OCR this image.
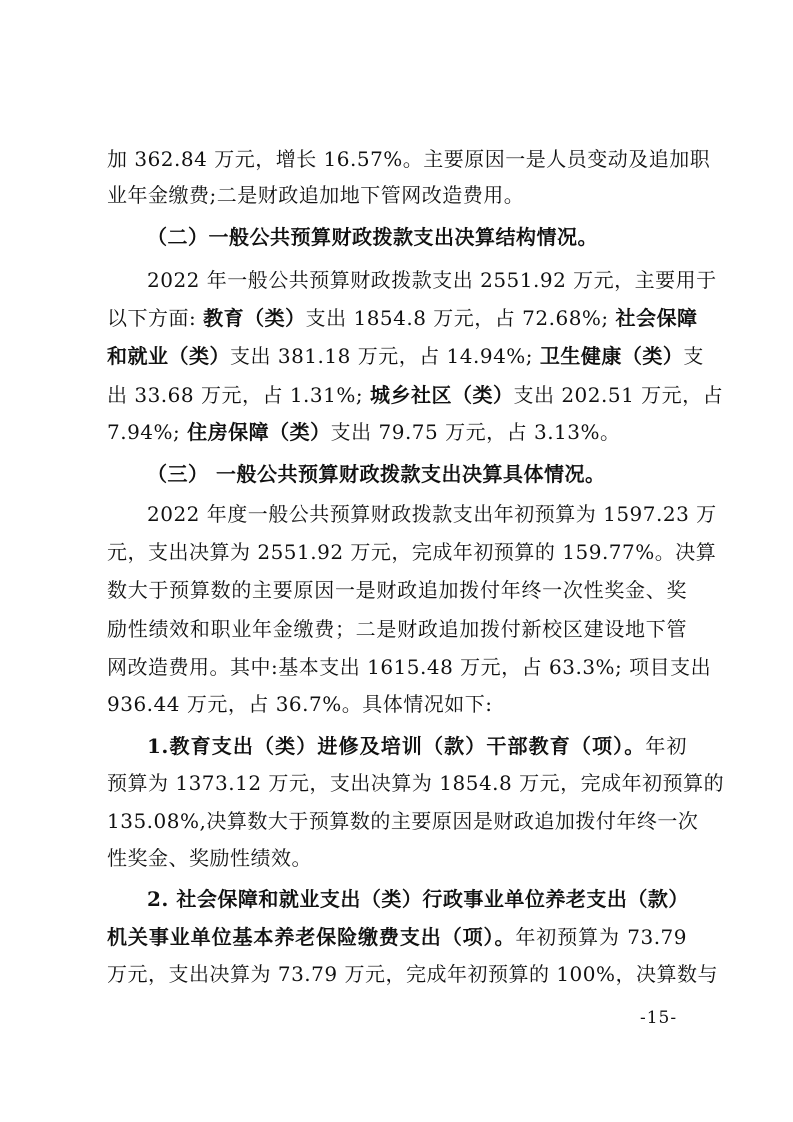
加 362.84 万元，增长 16.57%。主要原因一是人员变动及追加职
业年金缴费;二是财政追加地下管网改造费用。
（二）一般公共预算财政拨款支出决算结构情况。
2022 年一般公共预算财政拨款支出 2551.92 万元，主要用于
以下方面: 教育（类）支出 1854.8 万元，占 72.68%; 社会保障
和就业（类）支出 381.18 万元，占 14.94%; 卫生健康（类）支
出 33.68 万元，占 1.31%; 城乡社区（类）支出 202.51 万元，占
7.94%; 住房保障（类）支出 79.75 万元，占 3.13%。
（三） 一般公共预算财政拨款支出决算具体情况。
2022 年度一般公共预算财政拨款支出年初预算为 1597.23 万
元，支出决算为 2551.92 万元，完成年初预算的 159.77%。决算
数大于预算数的主要原因一是财政追加拨付年终一次性奖金、奖
励性绩效和职业年金缴费；二是财政追加拨付新校区建设地下管
网改造费用。其中:基本支出 1615.48 万元，占 63.3%; 项目支出
936.44 万元，占 36.7%。具体情况如下:
1.教育支出（类）进修及培训（款）干部教育（项）。年初
预算为 1373.12 万元，支出决算为 1854.8 万元，完成年初预算的
135.08%,决算数大于预算数的主要原因是财政追加拨付年终一次
性奖金、奖励性绩效。
2. 社会保障和就业支出（类）行政事业单位养老支出（款）
机关事业单位基本养老保险缴费支出（项）。年初预算为 73.79
万元，支出决算为 73.79 万元，完成年初预算的 100%，决算数与
-15-
